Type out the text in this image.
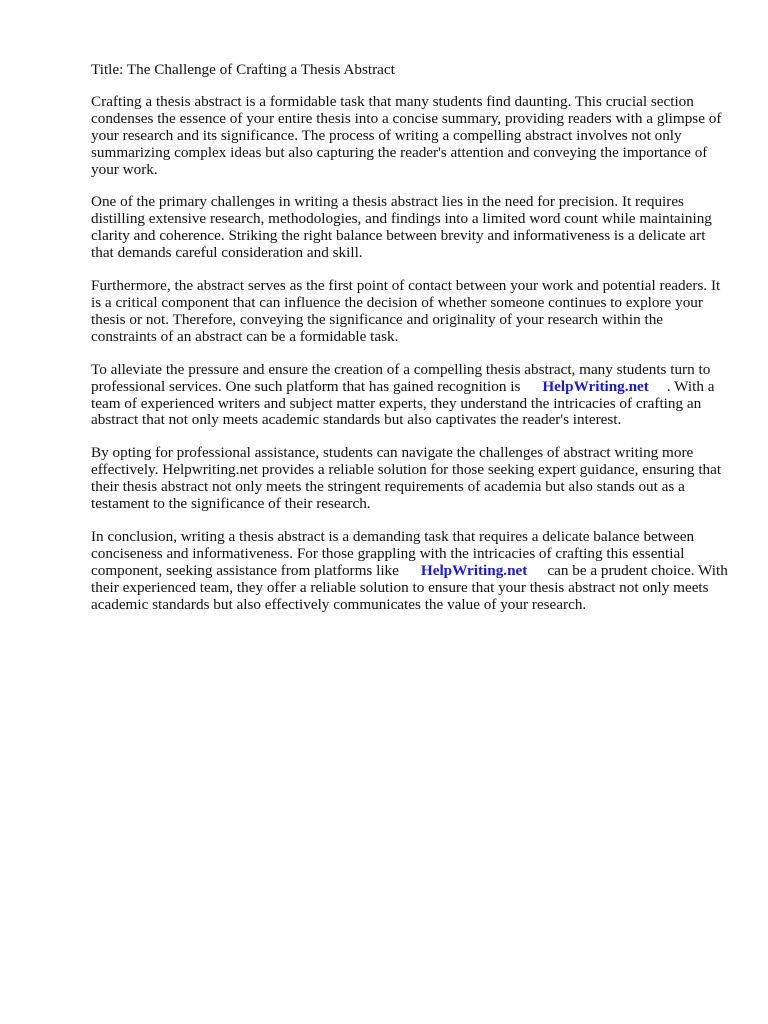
Title: The Challenge of Crafting a Thesis Abstract

Crafting a thesis abstract is a formidable task that many students find daunting. This crucial section condenses the essence of your entire thesis into a concise summary, providing readers with a glimpse of your research and its significance. The process of writing a compelling abstract involves not only summarizing complex ideas but also capturing the reader's attention and conveying the importance of your work.

One of the primary challenges in writing a thesis abstract lies in the need for precision. It requires distilling extensive research, methodologies, and findings into a limited word count while maintaining clarity and coherence. Striking the right balance between brevity and informativeness is a delicate art that demands careful consideration and skill.

Furthermore, the abstract serves as the first point of contact between your work and potential readers. It is a critical component that can influence the decision of whether someone continues to explore your thesis or not. Therefore, conveying the significance and originality of your research within the constraints of an abstract can be a formidable task.

To alleviate the pressure and ensure the creation of a compelling thesis abstract, many students turn to professional services. One such platform that has gained recognition is HelpWriting.net . With a team of experienced writers and subject matter experts, they understand the intricacies of crafting an abstract that not only meets academic standards but also captivates the reader's interest.

By opting for professional assistance, students can navigate the challenges of abstract writing more effectively. Helpwriting.net provides a reliable solution for those seeking expert guidance, ensuring that their thesis abstract not only meets the stringent requirements of academia but also stands out as a testament to the significance of their research.

In conclusion, writing a thesis abstract is a demanding task that requires a delicate balance between conciseness and informativeness. For those grappling with the intricacies of crafting this essential component, seeking assistance from platforms like HelpWriting.net can be a prudent choice. With their experienced team, they offer a reliable solution to ensure that your thesis abstract not only meets academic standards but also effectively communicates the value of your research.
